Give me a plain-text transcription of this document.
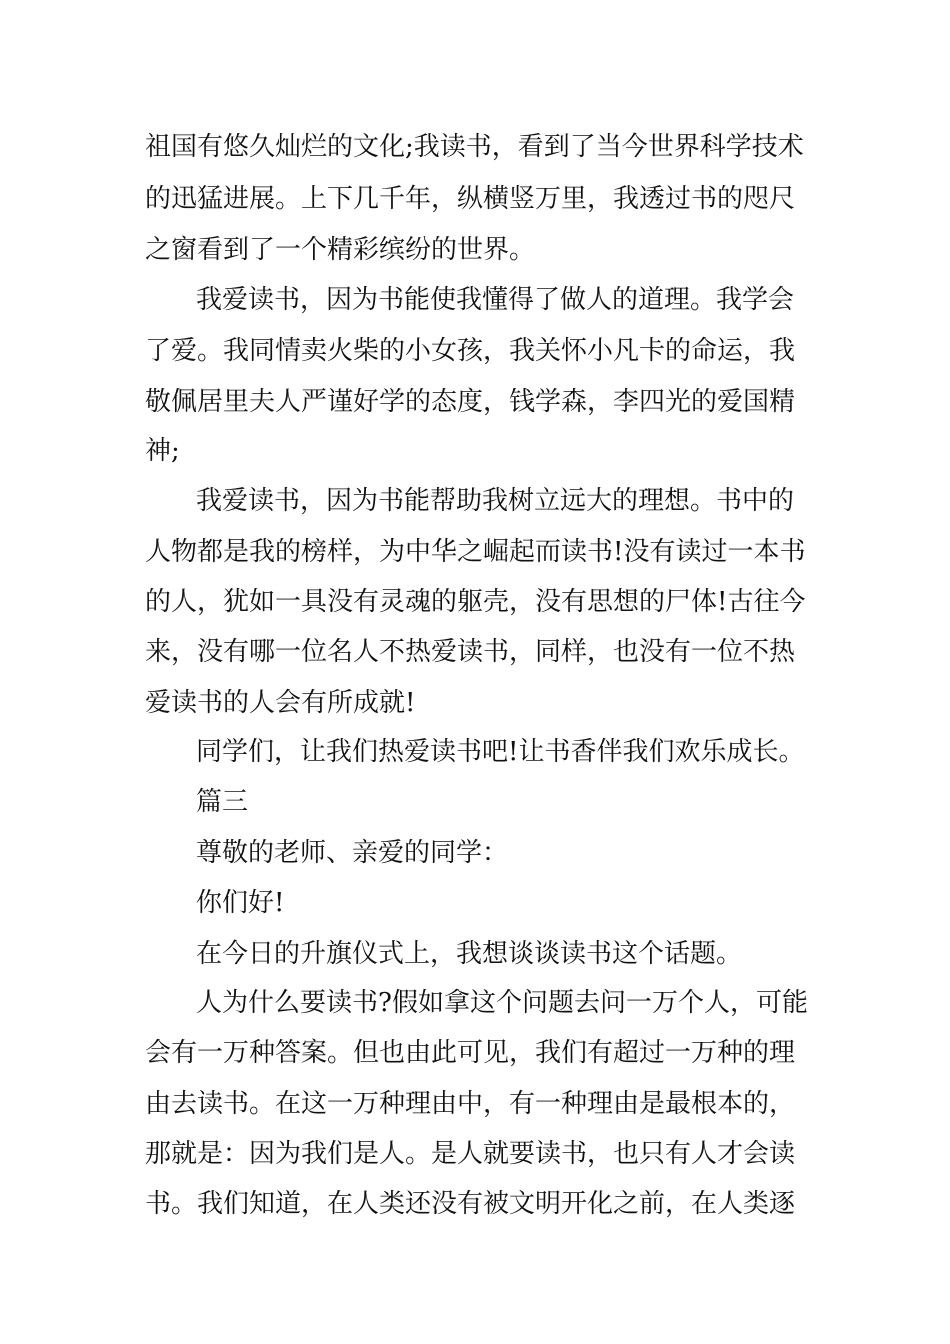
祖国有悠久灿烂的文化;我读书，看到了当今世界科学技术
的迅猛进展。上下几千年，纵横竖万里，我透过书的咫尺
之窗看到了一个精彩缤纷的世界。
我爱读书，因为书能使我懂得了做人的道理。我学会
了爱。我同情卖火柴的小女孩，我关怀小凡卡的命运，我
敬佩居里夫人严谨好学的态度，钱学森，李四光的爱国精
神;
我爱读书，因为书能帮助我树立远大的理想。书中的
人物都是我的榜样，为中华之崛起而读书!没有读过一本书
的人，犹如一具没有灵魂的躯壳，没有思想的尸体!古往今
来，没有哪一位名人不热爱读书，同样，也没有一位不热
爱读书的人会有所成就!
同学们，让我们热爱读书吧!让书香伴我们欢乐成长。
篇三
尊敬的老师、亲爱的同学：
你们好!
在今日的升旗仪式上，我想谈谈读书这个话题。
人为什么要读书?假如拿这个问题去问一万个人，可能
会有一万种答案。但也由此可见，我们有超过一万种的理
由去读书。在这一万种理由中，有一种理由是最根本的，
那就是：因为我们是人。是人就要读书，也只有人才会读
书。我们知道，在人类还没有被文明开化之前，在人类逐
